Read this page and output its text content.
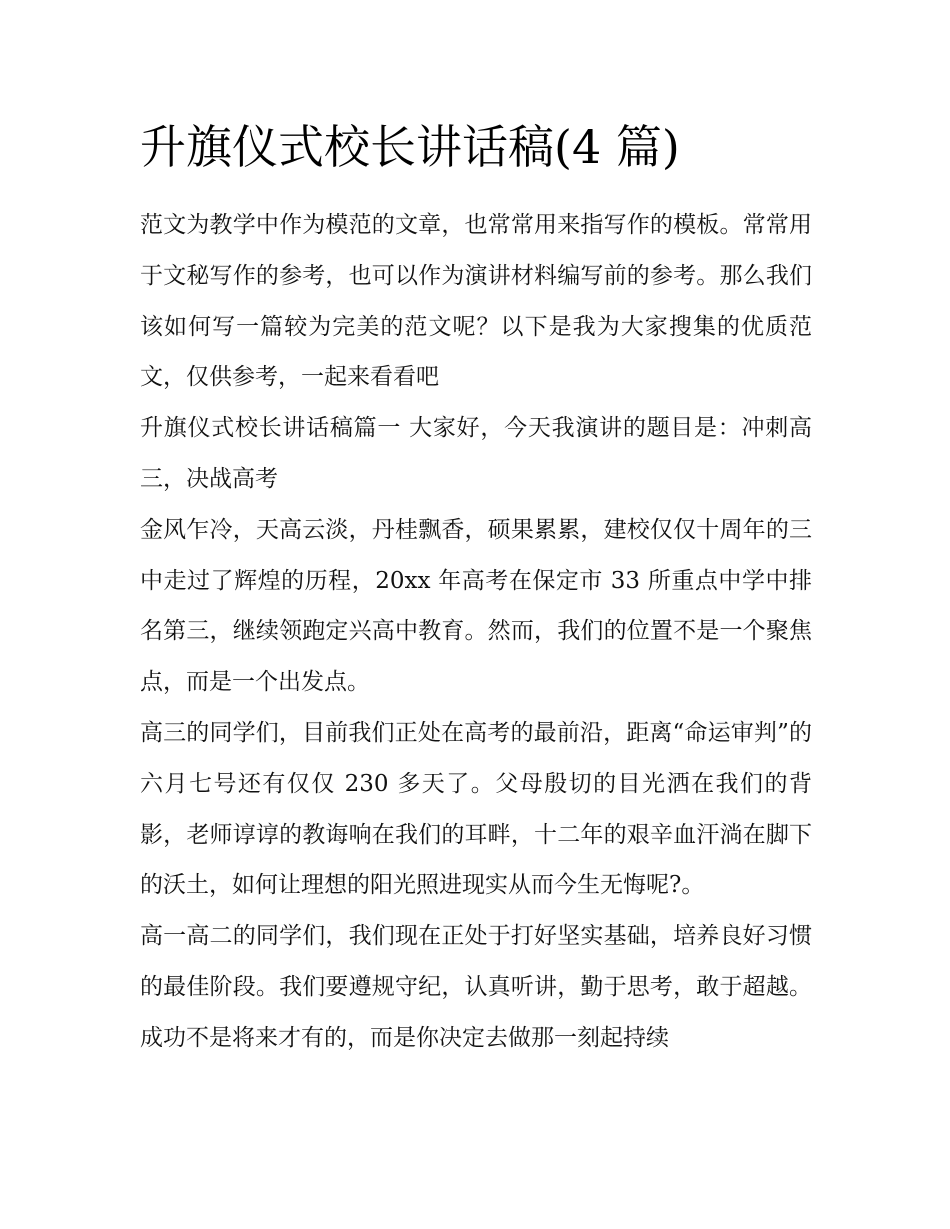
升旗仪式校长讲话稿(4 篇)

范文为教学中作为模范的文章，也常常用来指写作的模板。常常用于文秘写作的参考，也可以作为演讲材料编写前的参考。那么我们该如何写一篇较为完美的范文呢？以下是我为大家搜集的优质范文，仅供参考，一起来看看吧

升旗仪式校长讲话稿篇一 大家好，今天我演讲的题目是：冲刺高三，决战高考

金风乍冷，天高云淡，丹桂飘香，硕果累累，建校仅仅十周年的三中走过了辉煌的历程，20xx 年高考在保定市 33 所重点中学中排名第三，继续领跑定兴高中教育。然而，我们的位置不是一个聚焦点，而是一个出发点。

高三的同学们，目前我们正处在高考的最前沿，距离“命运审判”的六月七号还有仅仅 230 多天了。父母殷切的目光洒在我们的背影，老师谆谆的教诲响在我们的耳畔，十二年的艰辛血汗淌在脚下的沃土，如何让理想的阳光照进现实从而今生无悔呢?。

高一高二的同学们，我们现在正处于打好坚实基础，培养良好习惯的最佳阶段。我们要遵规守纪，认真听讲，勤于思考，敢于超越。成功不是将来才有的，而是你决定去做那一刻起持续
